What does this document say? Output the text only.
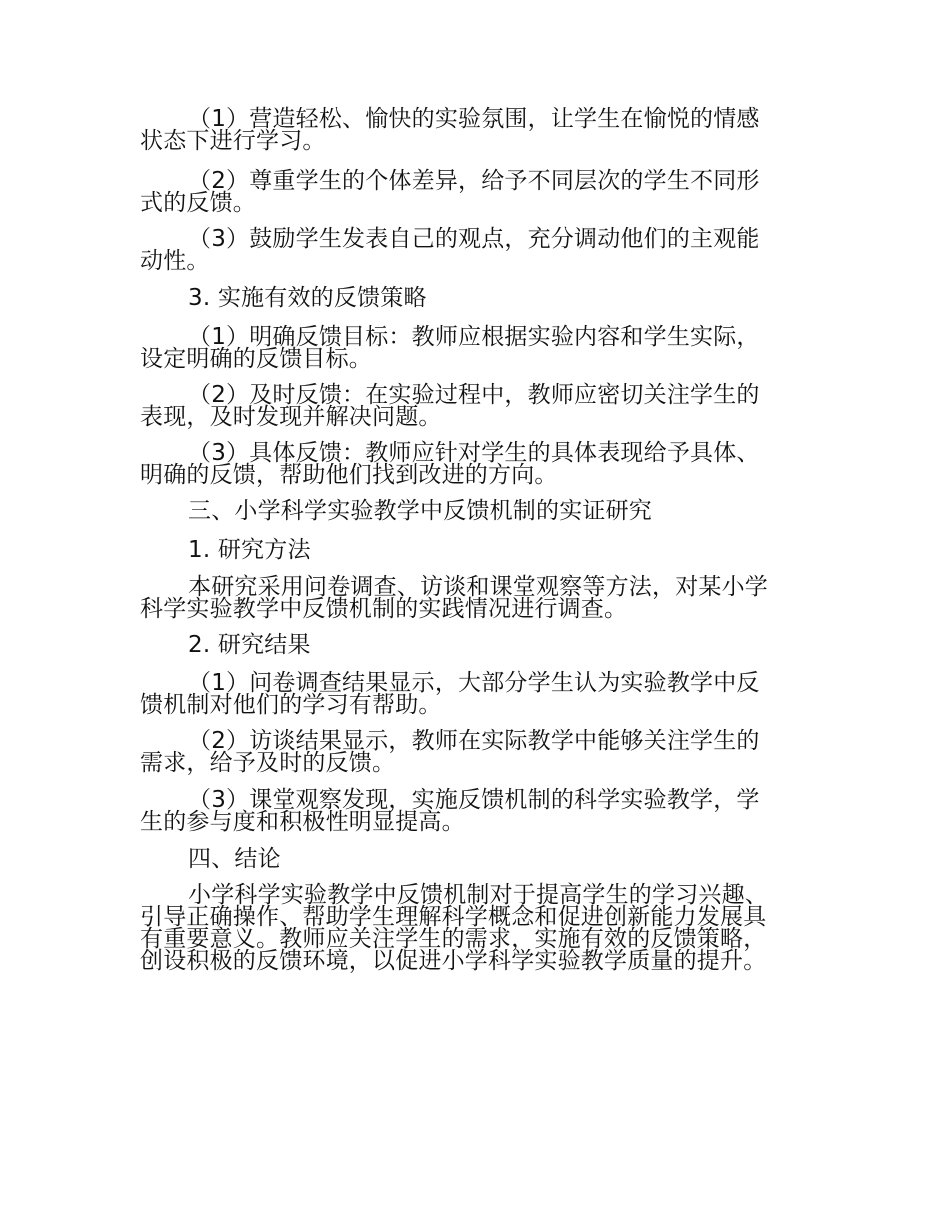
（1）营造轻松、愉快的实验氛围，让学生在愉悦的情感
状态下进行学习。
（2）尊重学生的个体差异，给予不同层次的学生不同形
式的反馈。
（3）鼓励学生发表自己的观点，充分调动他们的主观能
动性。
3. 实施有效的反馈策略
（1）明确反馈目标：教师应根据实验内容和学生实际，
设定明确的反馈目标。
（2）及时反馈：在实验过程中，教师应密切关注学生的
表现，及时发现并解决问题。
（3）具体反馈：教师应针对学生的具体表现给予具体、
明确的反馈，帮助他们找到改进的方向。
三、小学科学实验教学中反馈机制的实证研究
1. 研究方法
本研究采用问卷调查、访谈和课堂观察等方法，对某小学
科学实验教学中反馈机制的实践情况进行调查。
2. 研究结果
（1）问卷调查结果显示，大部分学生认为实验教学中反
馈机制对他们的学习有帮助。
（2）访谈结果显示，教师在实际教学中能够关注学生的
需求，给予及时的反馈。
（3）课堂观察发现，实施反馈机制的科学实验教学，学
生的参与度和积极性明显提高。
四、结论
小学科学实验教学中反馈机制对于提高学生的学习兴趣、
引导正确操作、帮助学生理解科学概念和促进创新能力发展具
有重要意义。教师应关注学生的需求，实施有效的反馈策略，
创设积极的反馈环境，以促进小学科学实验教学质量的提升。
